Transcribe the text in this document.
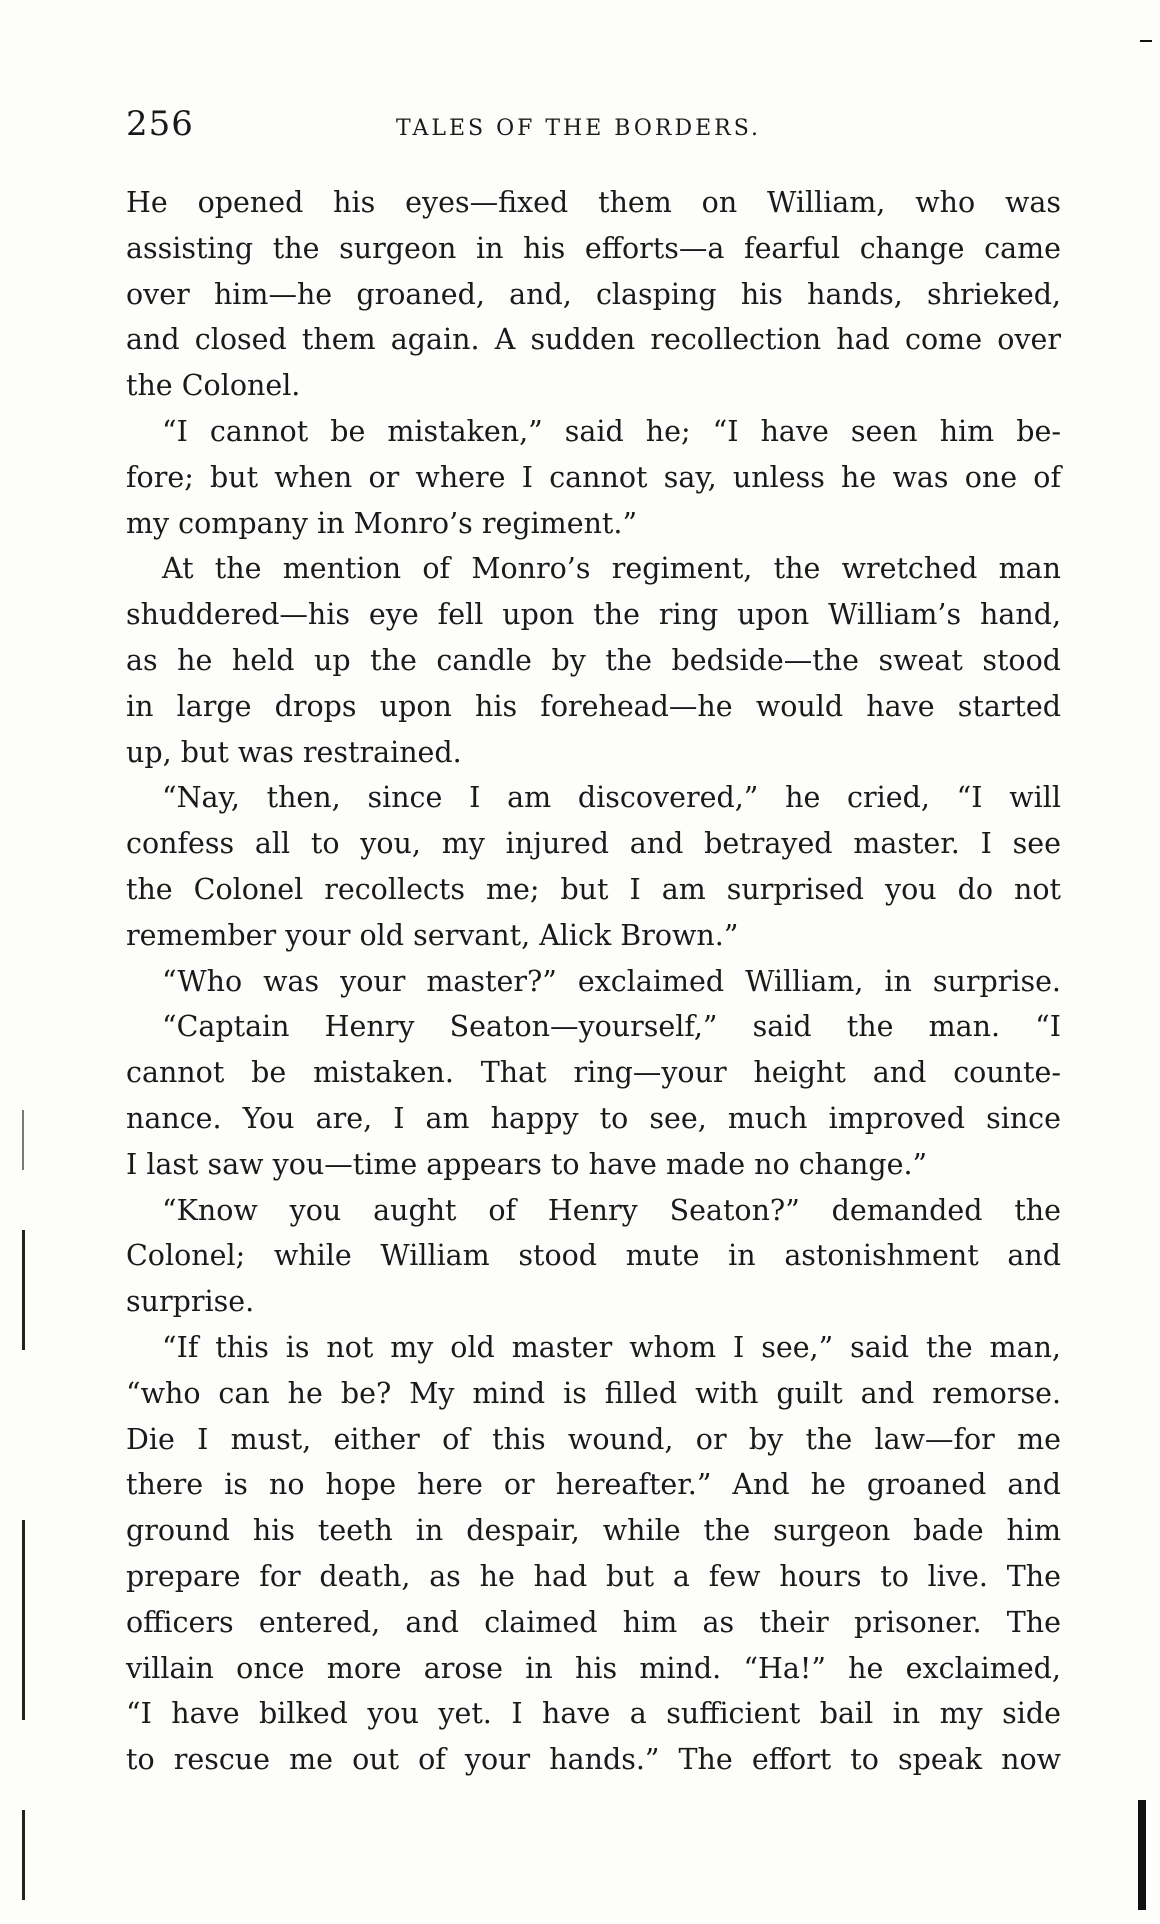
256	TALES OF THE BORDERS.
He opened his eyes—fixed them on William, who was
assisting the surgeon in his efforts—a fearful change came
over him—he groaned, and, clasping his hands, shrieked,
and closed them again. A sudden recollection had come over
the Colonel.
“I cannot be mistaken,” said he; “I have seen him be-
fore; but when or where I cannot say, unless he was one of
my company in Monro’s regiment.”
At the mention of Monro’s regiment, the wretched man
shuddered—his eye fell upon the ring upon William’s hand,
as he held up the candle by the bedside—the sweat stood
in large drops upon his forehead—he would have started
up, but was restrained.
“Nay, then, since I am discovered,” he cried, “I will
confess all to you, my injured and betrayed master. I see
the Colonel recollects me; but I am surprised you do not
remember your old servant, Alick Brown.”
“Who was your master?” exclaimed William, in surprise.
“Captain Henry Seaton—yourself,” said the man. “I
cannot be mistaken. That ring—your height and counte-
nance. You are, I am happy to see, much improved since
I last saw you—time appears to have made no change.”
“Know you aught of Henry Seaton?” demanded the
Colonel; while William stood mute in astonishment and
surprise.
“If this is not my old master whom I see,” said the man,
“who can he be? My mind is filled with guilt and remorse.
Die I must, either of this wound, or by the law—for me
there is no hope here or hereafter.” And he groaned and
ground his teeth in despair, while the surgeon bade him
prepare for death, as he had but a few hours to live. The
officers entered, and claimed him as their prisoner. The
villain once more arose in his mind. “Ha!” he exclaimed,
“I have bilked you yet. I have a sufficient bail in my side
to rescue me out of your hands.” The effort to speak now
